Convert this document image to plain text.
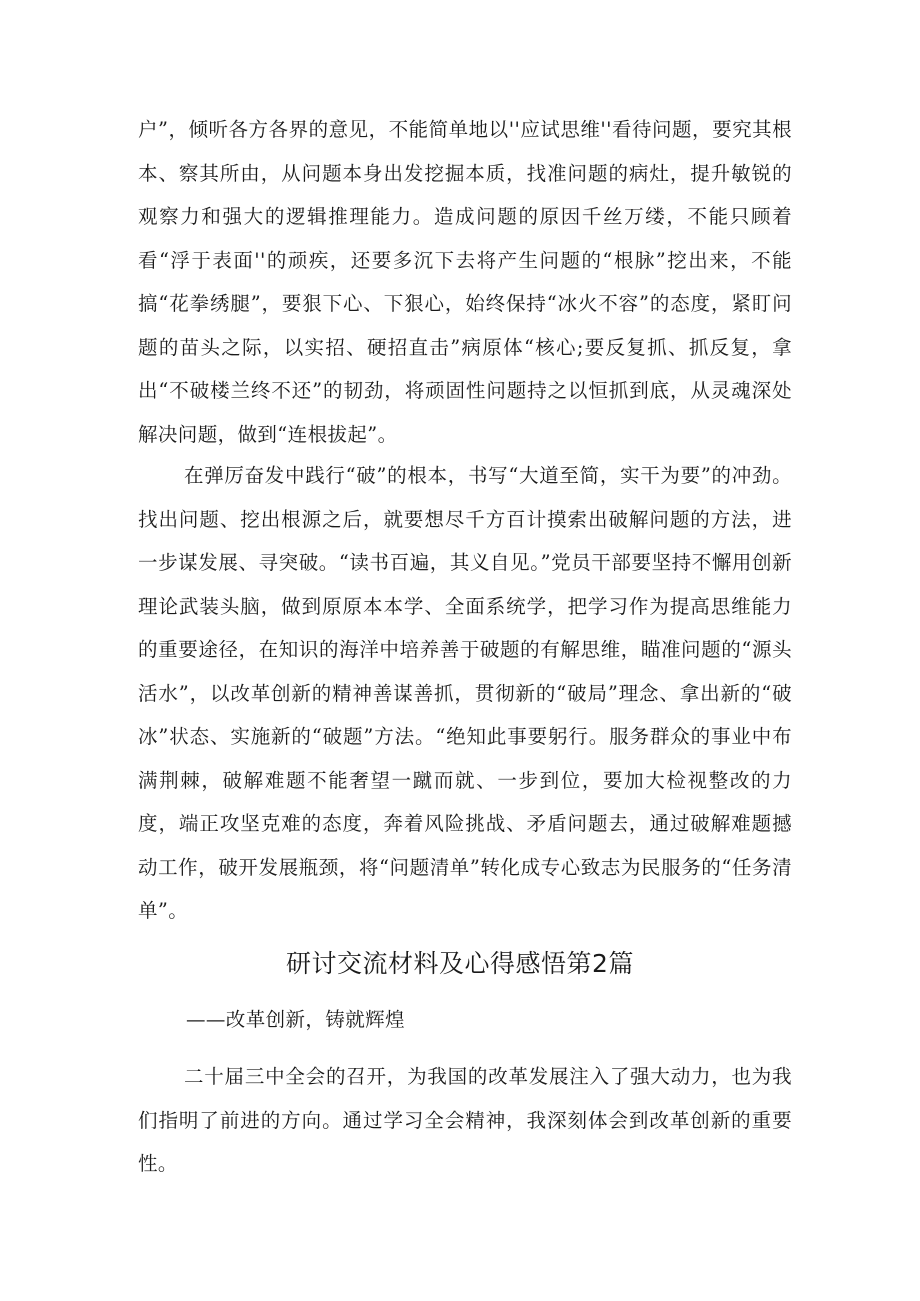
户”，倾听各方各界的意见，不能简单地以''应试思维''看待问题，要究其根本、察其所由，从问题本身出发挖掘本质，找准问题的病灶，提升敏锐的观察力和强大的逻辑推理能力。造成问题的原因千丝万缕，不能只顾着看“浮于表面''的顽疾，还要多沉下去将产生问题的“根脉”挖出来，不能搞“花拳绣腿”，要狠下心、下狠心，始终保持“冰火不容”的态度，紧盯问题的苗头之际，以实招、硬招直击”病原体“核心;要反复抓、抓反复，拿出“不破楼兰终不还”的韧劲，将顽固性问题持之以恒抓到底，从灵魂深处解决问题，做到“连根拔起”。

在弹厉奋发中践行“破”的根本，书写“大道至简，实干为要”的冲劲。找出问题、挖出根源之后，就要想尽千方百计摸索出破解问题的方法，进一步谋发展、寻突破。“读书百遍，其义自见。”党员干部要坚持不懈用创新理论武装头脑，做到原原本本学、全面系统学，把学习作为提高思维能力的重要途径，在知识的海洋中培养善于破题的有解思维，瞄准问题的“源头活水”，以改革创新的精神善谋善抓，贯彻新的“破局”理念、拿出新的“破冰”状态、实施新的“破题”方法。“绝知此事要躬行。服务群众的事业中布满荆棘，破解难题不能奢望一蹴而就、一步到位，要加大检视整改的力度，端正攻坚克难的态度，奔着风险挑战、矛盾问题去，通过破解难题撼动工作，破开发展瓶颈，将“问题清单”转化成专心致志为民服务的“任务清单”。

研讨交流材料及心得感悟第2篇

——改革创新，铸就辉煌

二十届三中全会的召开，为我国的改革发展注入了强大动力，也为我们指明了前进的方向。通过学习全会精神，我深刻体会到改革创新的重要性。
